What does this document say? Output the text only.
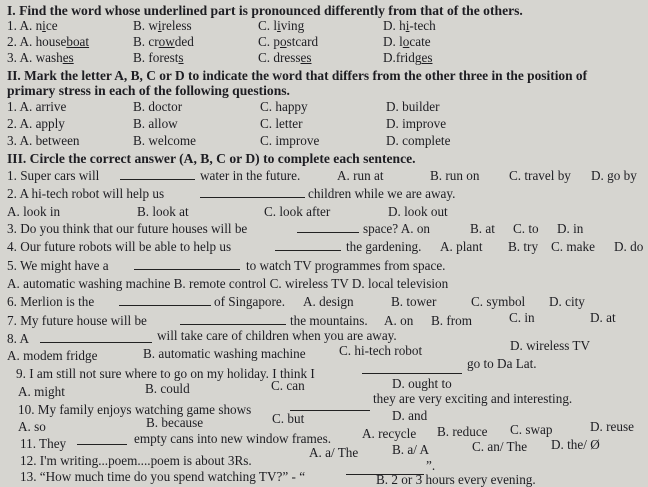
I. Find the word whose underlined part is pronounced differently from that of the others.
1. A. nice	B. wireless	C. living	D. hi-tech
2. A. houseboat	B. crowded	C. postcard	D. locate
3. A. washes	B. forests	C. dresses	D.fridges
II. Mark the letter A, B, C or D to indicate the word that differs from the other three in the position of
primary stress in each of the following questions.
1. A. arrive	B. doctor	C. happy	D. builder
2. A. apply	B. allow	C. letter	D. improve
3. A. between	B. welcome	C. improve	D. complete
III. Circle the correct answer (A, B, C or D) to complete each sentence.
1. Super cars will	water in the future.	A. run at	B. run on C. travel by D. go by
2. A hi-tech robot will help us	children while we are away.
A. look in	B. look at	C. look after	D. look out
3. Do you think that our future houses will be	space? A. on	B. at C. to D. in
4. Our future robots will be able to help us	the gardening. A. plant B. try C. make D. do
5. We might have a	to watch TV programmes from space.
A. automatic washing machine B. remote control C. wireless TV D. local television
6. Merlion is the	of Singapore. A. design	B. tower	C. symbol D. city
7. My future house will be	the mountains. A. on B. from	C. in	D. at
8. A	will take care of children when you are away.
A. modem fridge	B. automatic washing machine	C. hi-tech robot	D. wireless TV
9. I am still not sure where to go on my holiday. I think I
go to Da Lat.
A. might	B. could	C. can	D. ought to
10. My family enjoys watching game shows
they are very exciting and interesting.
A. so	B. because	C. but	D. and
11. They	empty cans into new window frames. A. recycle B. reduce C. swap	D. reuse
12. I'm writing...poem....poem is about 3Rs.
A. a/ The	B. a/ A	C. an/ The D. the/ Ø
13. “How much time do you spend watching TV?” - “
”.
B. 2 or 3 hours every evening.
